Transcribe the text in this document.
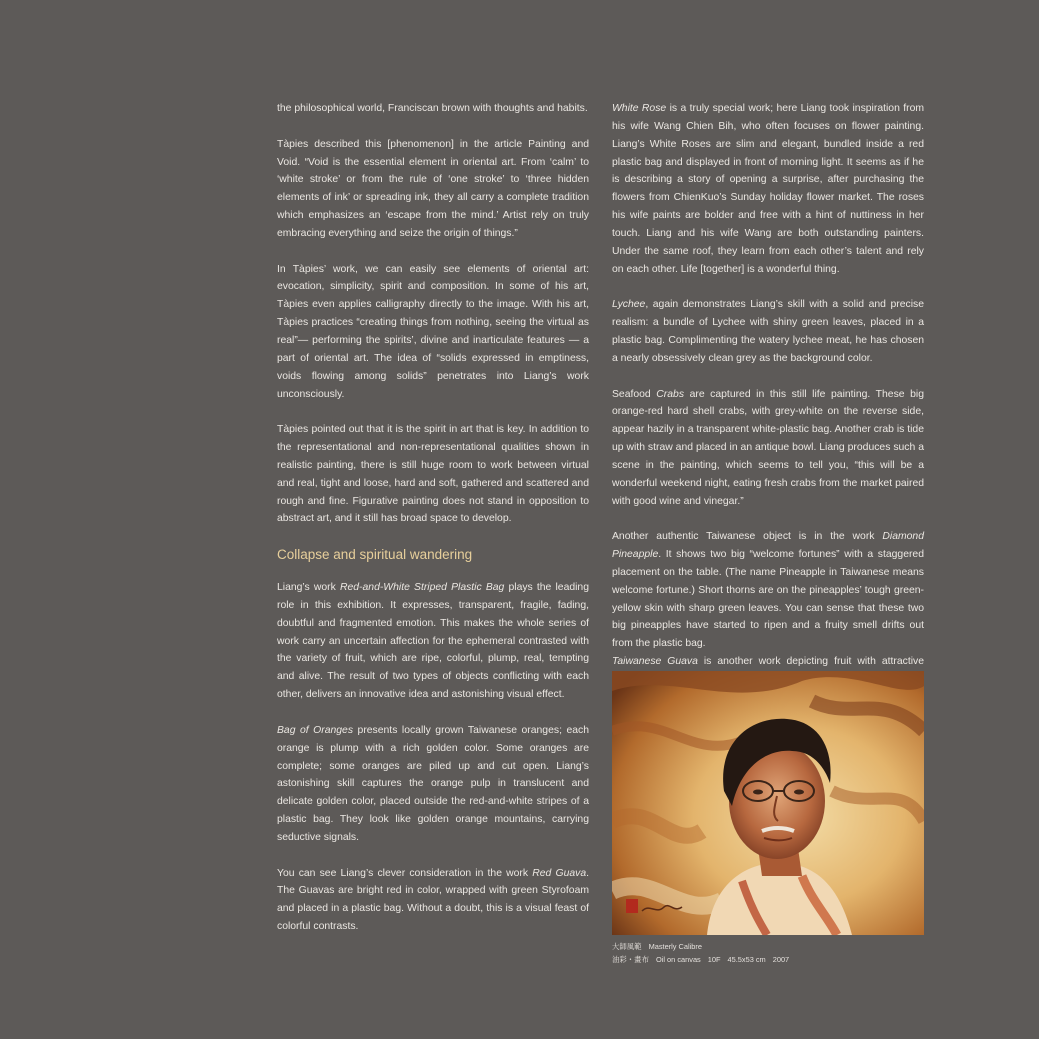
the philosophical world, Franciscan brown with thoughts and habits.

Tàpies described this [phenomenon] in the article Painting and Void. “Void is the essential element in oriental art. From ‘calm’ to ‘white stroke’ or from the rule of ‘one stroke’ to ‘three hidden elements of ink’ or spreading ink, they all carry a complete tradition which emphasizes an ‘escape from the mind.’ Artist rely on truly embracing everything and seize the origin of things.”

In Tàpies’ work, we can easily see elements of oriental art: evocation, simplicity, spirit and composition. In some of his art, Tàpies even applies calligraphy directly to the image. With his art, Tàpies practices “creating things from nothing, seeing the virtual as real”— performing the spirits’, divine and inarticulate features — a part of oriental art. The idea of “solids expressed in emptiness, voids flowing among solids” penetrates into Liang’s work unconsciously.

Tàpies pointed out that it is the spirit in art that is key. In addition to the representational and non-representational qualities shown in realistic painting, there is still huge room to work between virtual and real, tight and loose, hard and soft, gathered and scattered and rough and fine. Figurative painting does not stand in opposition to abstract art, and it still has broad space to develop.

Collapse and spiritual wandering

Liang’s work Red-and-White Striped Plastic Bag plays the leading role in this exhibition. It expresses, transparent, fragile, fading, doubtful and fragmented emotion. This makes the whole series of work carry an uncertain affection for the ephemeral contrasted with the variety of fruit, which are ripe, colorful, plump, real, tempting and alive. The result of two types of objects conflicting with each other, delivers an innovative idea and astonishing visual effect.

Bag of Oranges presents locally grown Taiwanese oranges; each orange is plump with a rich golden color. Some oranges are complete; some oranges are piled up and cut open. Liang’s astonishing skill captures the orange pulp in translucent and delicate golden color, placed outside the red-and-white stripes of a plastic bag. They look like golden orange mountains, carrying seductive signals.

You can see Liang’s clever consideration in the work Red Guava. The Guavas are bright red in color, wrapped with green Styrofoam and placed in a plastic bag. Without a doubt, this is a visual feast of colorful contrasts.

White Rose is a truly special work; here Liang took inspiration from his wife Wang Chien Bih, who often focuses on flower painting. Liang’s White Roses are slim and elegant, bundled inside a red plastic bag and displayed in front of morning light. It seems as if he is describing a story of opening a surprise, after purchasing the flowers from ChienKuo’s Sunday holiday flower market. The roses his wife paints are bolder and free with a hint of nuttiness in her touch. Liang and his wife Wang are both outstanding painters. Under the same roof, they learn from each other’s talent and rely on each other. Life [together] is a wonderful thing.

Lychee, again demonstrates Liang’s skill with a solid and precise realism: a bundle of Lychee with shiny green leaves, placed in a plastic bag. Complimenting the watery lychee meat, he has chosen a nearly obsessively clean grey as the background color.

Seafood Crabs are captured in this still life painting. These big orange-red hard shell crabs, with grey-white on the reverse side, appear hazily in a transparent white-plastic bag. Another crab is tide up with straw and placed in an antique bowl. Liang produces such a scene in the painting, which seems to tell you, “this will be a wonderful weekend night, eating fresh crabs from the market paired with good wine and vinegar.”

Another authentic Taiwanese object is in the work Diamond Pineapple. It shows two big “welcome fortunes” with a staggered placement on the table. (The name Pineapple in Taiwanese means welcome fortune.) Short thorns are on the pineapples’ tough green-yellow skin with sharp green leaves. You can sense that these two big pineapples have started to ripen and a fruity smell drifts out from the plastic bag.

Taiwanese Guava is another work depicting fruit with attractive

大師風範 Masterly Calibre
油彩・畫布 Oil on canvas 10F 45.5x53 cm 2007
